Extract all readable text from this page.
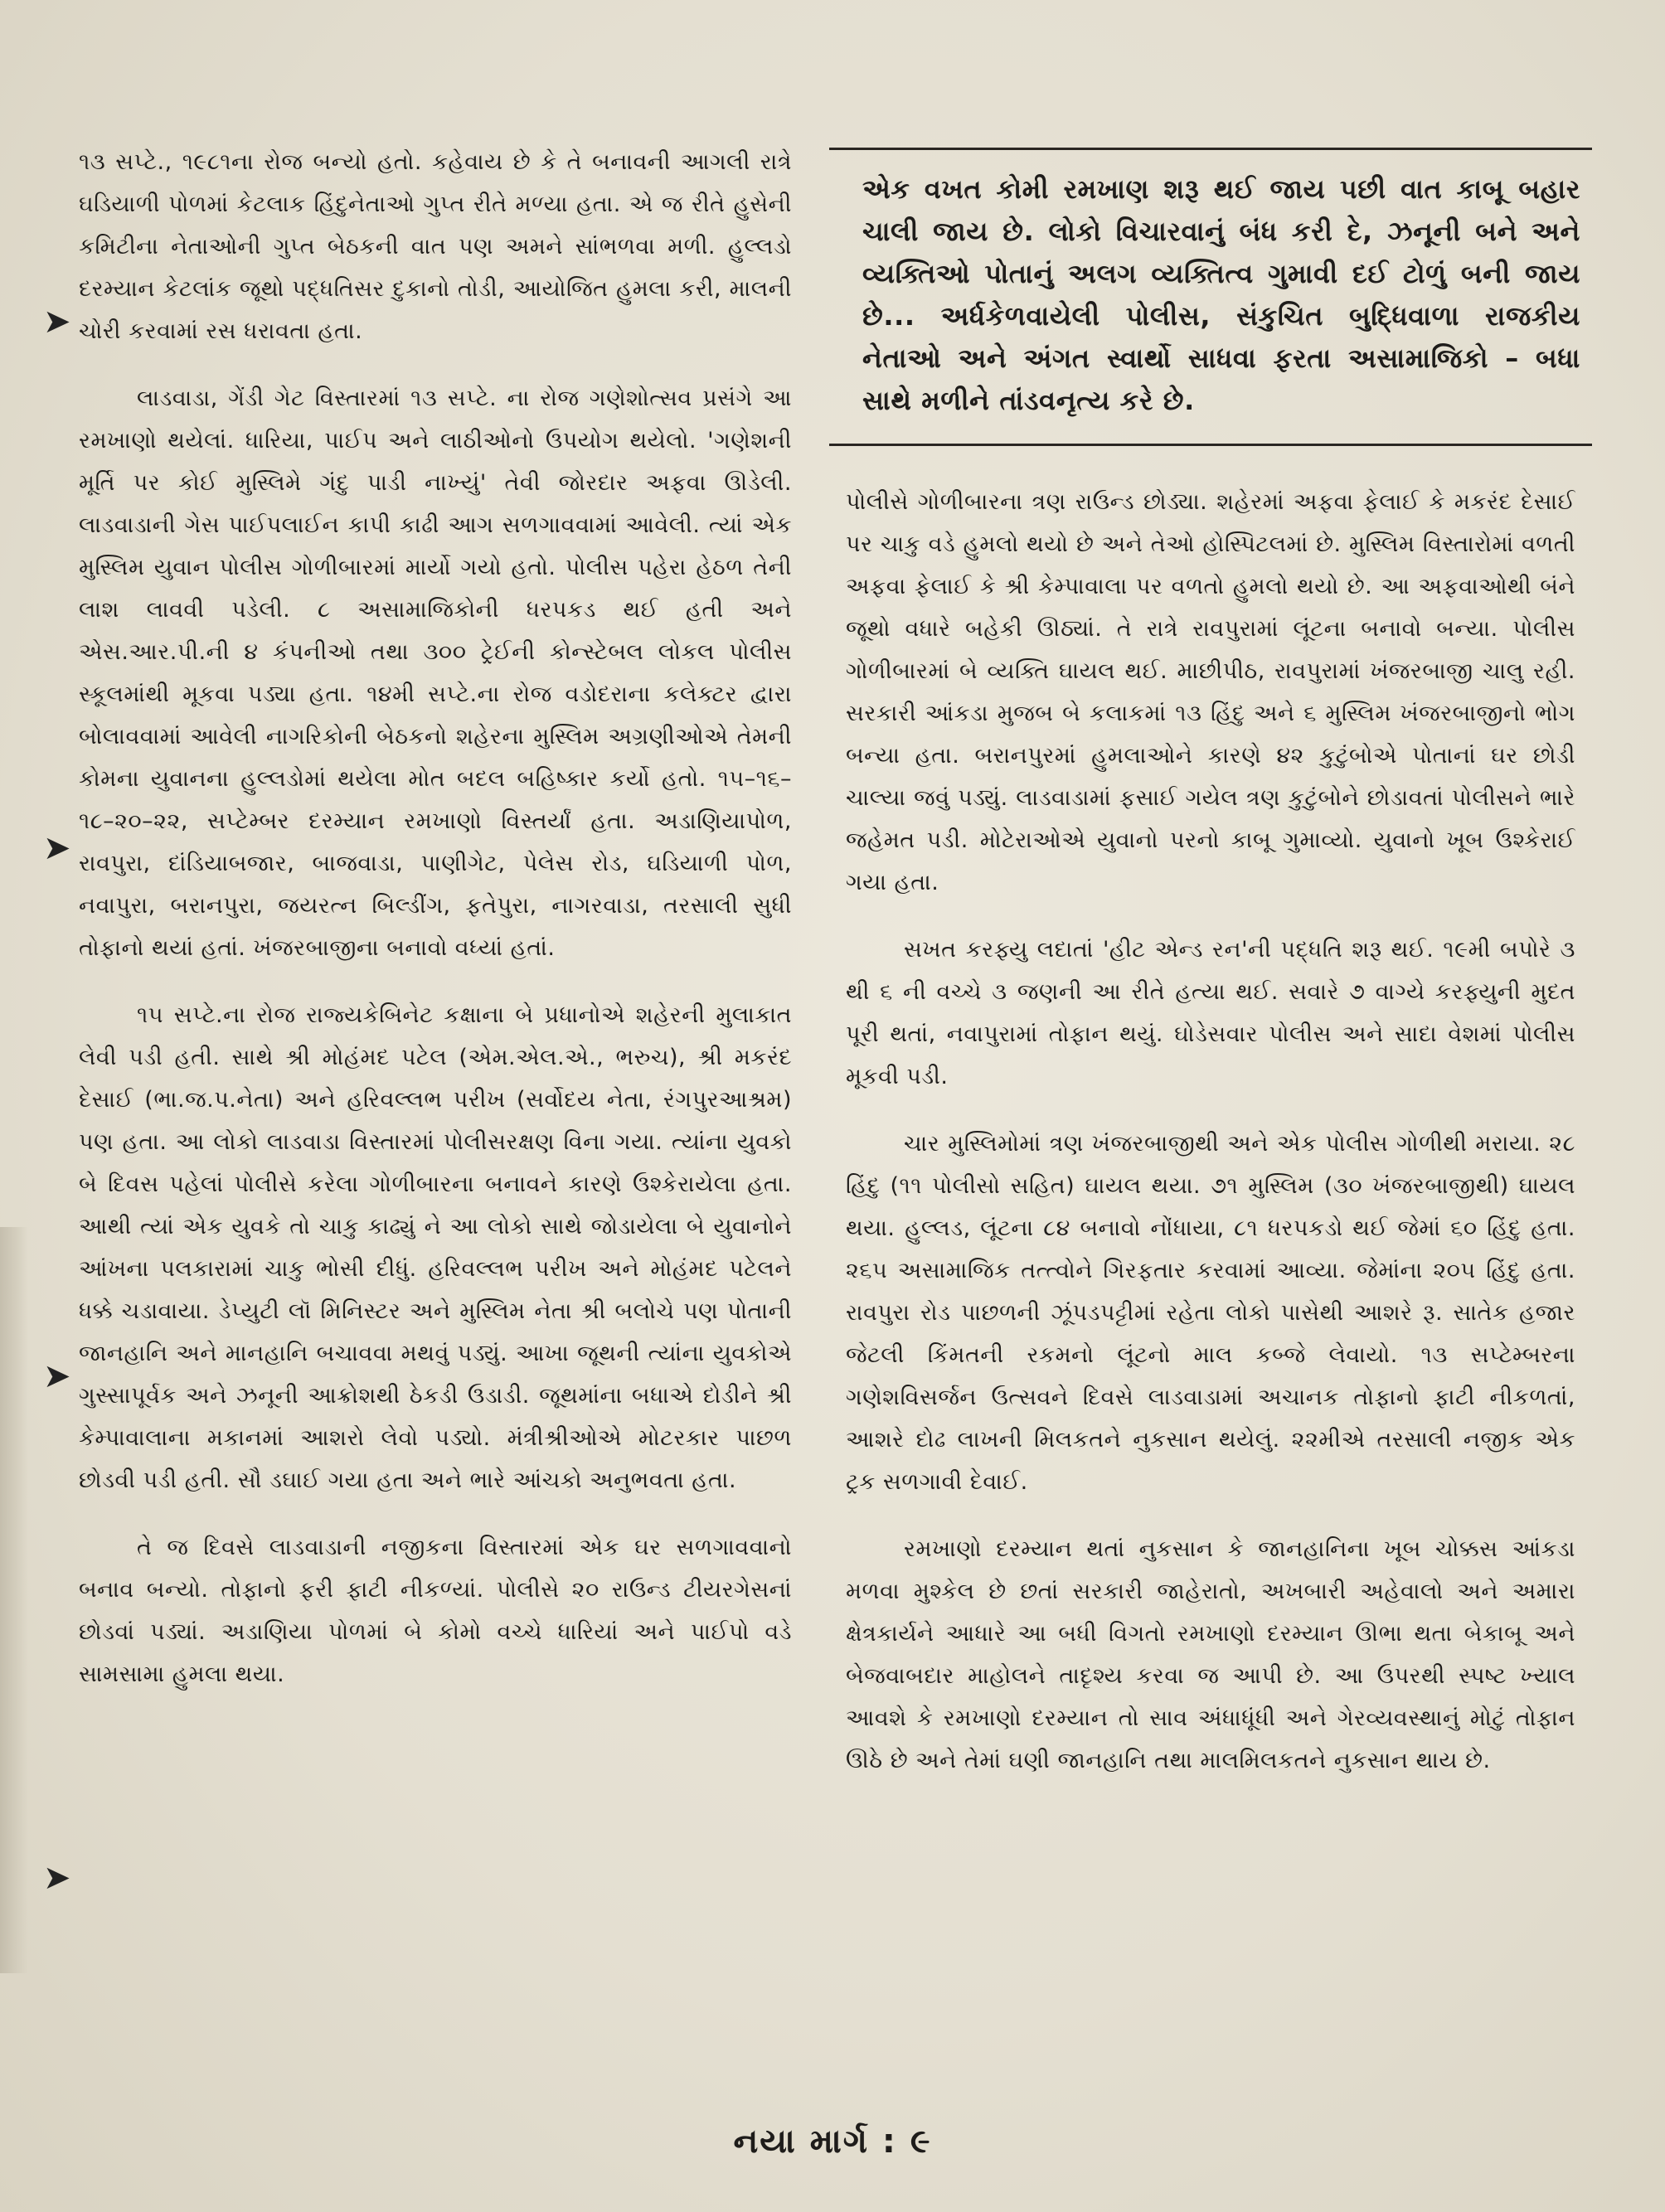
➤
➤
➤
➤

૧૩ સપ્ટે., ૧૯૮૧ના રોજ બન્યો હતો. કહેવાય છે કે તે બનાવની આગલી રાત્રે ઘડિયાળી પોળમાં કેટલાક હિંદુનેતાઓ ગુપ્ત રીતે મળ્યા હતા. એ જ રીતે હુસેની કમિટીના નેતાઓની ગુપ્ત બેઠકની વાત પણ અમને સાંભળવા મળી. હુલ્લડો દરમ્યાન કેટલાંક જૂથો પદ્ધતિસર દુકાનો તોડી, આયોજિત હુમલા કરી, માલની ચોરી કરવામાં રસ ધરાવતા હતા.

લાડવાડા, ગેંડી ગેટ વિસ્તારમાં ૧૩ સપ્ટે. ના રોજ ગણેશોત્સવ પ્રસંગે આ રમખાણો થયેલાં. ધારિયા, પાઈપ અને લાઠીઓનો ઉપયોગ થયેલો. 'ગણેશની મૂર્તિ પર કોઈ મુસ્લિમે ગંદુ પાડી નાખ્યું' તેવી જોરદાર અફવા ઊડેલી. લાડવાડાની ગેસ પાઈપલાઈન કાપી કાઢી આગ સળગાવવામાં આવેલી. ત્યાં એક મુસ્લિમ યુવાન પોલીસ ગોળીબારમાં માર્યો ગયો હતો. પોલીસ પહેરા હેઠળ તેની લાશ લાવવી પડેલી. ૮ અસામાજિકોની ધરપકડ થઈ હતી અને એસ.આર.પી.ની ૪ કંપનીઓ તથા ૩૦૦ ટ્રેઈની કોન્સ્ટેબલ લોકલ પોલીસ સ્કૂલમાંથી મૂકવા પડ્યા હતા. ૧૪મી સપ્ટે.ના રોજ વડોદરાના કલેક્ટર દ્વારા બોલાવવામાં આવેલી નાગરિકોની બેઠકનો શહેરના મુસ્લિમ અગ્રણીઓએ તેમની કોમના યુવાનના હુલ્લડોમાં થયેલા મોત બદલ બહિષ્કાર કર્યો હતો. ૧૫–૧૬–૧૮–૨૦–૨૨, સપ્ટેમ્બર દરમ્યાન રમખાણો વિસ્તર્યાં હતા. અડાણિયાપોળ, રાવપુરા, દાંડિયાબજાર, બાજવાડા, પાણીગેટ, પેલેસ રોડ, ઘડિયાળી પોળ, નવાપુરા, બરાનપુરા, જયરત્ન બિલ્ડીંગ, ફતેપુરા, નાગરવાડા, તરસાલી સુધી તોફાનો થયાં હતાં. ખંજરબાજીના બનાવો વધ્યાં હતાં.

૧૫ સપ્ટે.ના રોજ રાજ્યકેબિનેટ કક્ષાના બે પ્રધાનોએ શહેરની મુલાકાત લેવી પડી હતી. સાથે શ્રી મોહંમદ પટેલ (એમ.એલ.એ., ભરુચ), શ્રી મકરંદ દેસાઈ (ભા.જ.પ.નેતા) અને હરિવલ્લભ પરીખ (સર્વોદય નેતા, રંગપુરઆશ્રમ) પણ હતા. આ લોકો લાડવાડા વિસ્તારમાં પોલીસરક્ષણ વિના ગયા. ત્યાંના યુવકો બે દિવસ પહેલાં પોલીસે કરેલા ગોળીબારના બનાવને કારણે ઉશ્કેરાયેલા હતા. આથી ત્યાં એક યુવકે તો ચાકુ કાઢ્યું ને આ લોકો સાથે જોડાયેલા બે યુવાનોને આંખના પલકારામાં ચાકુ ભોસી દીધું. હરિવલ્લભ પરીખ અને મોહંમદ પટેલને ધક્કે ચડાવાયા. ડેપ્યુટી લૉ મિનિસ્ટર અને મુસ્લિમ નેતા શ્રી બલોચે પણ પોતાની જાનહાનિ અને માનહાનિ બચાવવા મથવું પડ્યું. આખા જૂથની ત્યાંના યુવકોએ ગુસ્સાપૂર્વક અને ઝનૂની આક્રોશથી ઠેકડી ઉડાડી. જૂથમાંના બધાએ દોડીને શ્રી કેમ્પાવાલાના મકાનમાં આશરો લેવો પડ્યો. મંત્રીશ્રીઓએ મોટરકાર પાછળ છોડવી પડી હતી. સૌ ડઘાઈ ગયા હતા અને ભારે આંચકો અનુભવતા હતા.

તે જ દિવસે લાડવાડાની નજીકના વિસ્તારમાં એક ઘર સળગાવવાનો બનાવ બન્યો. તોફાનો ફરી ફાટી નીકળ્યાં. પોલીસે ૨૦ રાઉન્ડ ટીયરગેસનાં છોડવાં પડ્યાં. અડાણિયા પોળમાં બે કોમો વચ્ચે ધારિયાં અને પાઈપો વડે સામસામા હુમલા થયા.

એક વખત કોમી રમખાણ શરૂ થઈ જાય પછી વાત કાબૂ બહાર ચાલી જાય છે. લોકો વિચારવાનું બંધ કરી દે, ઝનૂની બને અને વ્યક્તિઓ પોતાનું અલગ વ્યક્તિત્વ ગુમાવી દઈ ટોળું બની જાય છે... અર્ધકેળવાયેલી પોલીસ, સંકુચિત બુદ્ધિવાળા રાજકીય નેતાઓ અને અંગત સ્વાર્થો સાધવા ફરતા અસામાજિકો – બધા સાથે મળીને તાંડવનૃત્ય કરે છે.

પોલીસે ગોળીબારના ત્રણ રાઉન્ડ છોડ્યા. શહેરમાં અફવા ફેલાઈ કે મકરંદ દેસાઈ પર ચાકુ વડે હુમલો થયો છે અને તેઓ હોસ્પિટલમાં છે. મુસ્લિમ વિસ્તારોમાં વળતી અફવા ફેલાઈ કે શ્રી કેમ્પાવાલા પર વળતો હુમલો થયો છે. આ અફવાઓથી બંને જૂથો વધારે બહેકી ઊઠ્યાં. તે રાત્રે રાવપુરામાં લૂંટના બનાવો બન્યા. પોલીસ ગોળીબારમાં બે વ્યક્તિ ઘાયલ થઈ. માછીપીઠ, રાવપુરામાં ખંજરબાજી ચાલુ રહી. સરકારી આંકડા મુજબ બે કલાકમાં ૧૩ હિંદુ અને ૬ મુસ્લિમ ખંજરબાજીનો ભોગ બન્યા હતા. બરાનપુરમાં હુમલાઓને કારણે ૪૨ કુટુંબોએ પોતાનાં ઘર છોડી ચાલ્યા જવું પડ્યું. લાડવાડામાં ફસાઈ ગયેલ ત્રણ કુટુંબોને છોડાવતાં પોલીસને ભારે જહેમત પડી. મોટેરાઓએ યુવાનો પરનો કાબૂ ગુમાવ્યો. યુવાનો ખૂબ ઉશ્કેરાઈ ગયા હતા.

સખત કરફ્યુ લદાતાં 'હીટ એન્ડ રન'ની પદ્ધતિ શરૂ થઈ. ૧૯મી બપોરે ૩ થી ૬ ની વચ્ચે ૩ જણની આ રીતે હત્યા થઈ. સવારે ૭ વાગ્યે કરફ્યુની મુદત પૂરી થતાં, નવાપુરામાં તોફાન થયું. ઘોડેસવાર પોલીસ અને સાદા વેશમાં પોલીસ મૂકવી પડી.

ચાર મુસ્લિમોમાં ત્રણ ખંજરબાજીથી અને એક પોલીસ ગોળીથી મરાયા. ૨૮ હિંદુ (૧૧ પોલીસો સહિત) ઘાયલ થયા. ૭૧ મુસ્લિમ (૩૦ ખંજરબાજીથી) ઘાયલ થયા. હુલ્લડ, લૂંટના ૮૪ બનાવો નોંધાયા, ૮૧ ધરપકડો થઈ જેમાં ૬૦ હિંદુ હતા. ૨૬૫ અસામાજિક તત્ત્વોને ગિરફતાર કરવામાં આવ્યા. જેમાંના ૨૦૫ હિંદુ હતા. રાવપુરા રોડ પાછળની ઝૂંપડપટ્ટીમાં રહેતા લોકો પાસેથી આશરે રૂ. સાતેક હજાર જેટલી કિંમતની રકમનો લૂંટનો માલ કબ્જે લેવાયો. ૧૩ સપ્ટેમ્બરના ગણેશવિસર્જન ઉત્સવને દિવસે લાડવાડામાં અચાનક તોફાનો ફાટી નીકળતાં, આશરે દોઢ લાખની મિલકતને નુકસાન થયેલું. ૨૨મીએ તરસાલી નજીક એક ટ્રક સળગાવી દેવાઈ.

રમખાણો દરમ્યાન થતાં નુકસાન કે જાનહાનિના ખૂબ ચોક્કસ આંકડા મળવા મુશ્કેલ છે છતાં સરકારી જાહેરાતો, અખબારી અહેવાલો અને અમારા ક્ષેત્રકાર્યને આધારે આ બધી વિગતો રમખાણો દરમ્યાન ઊભા થતા બેકાબૂ અને બેજવાબદાર માહોલને તાદૃશ્ય કરવા જ આપી છે. આ ઉપરથી સ્પષ્ટ ખ્યાલ આવશે કે રમખાણો દરમ્યાન તો સાવ અંધાધૂંધી અને ગેરવ્યવસ્થાનું મોટું તોફાન ઊઠે છે અને તેમાં ઘણી જાનહાનિ તથા માલમિલકતને નુકસાન થાય છે.

નયા માર્ગ : ૯
